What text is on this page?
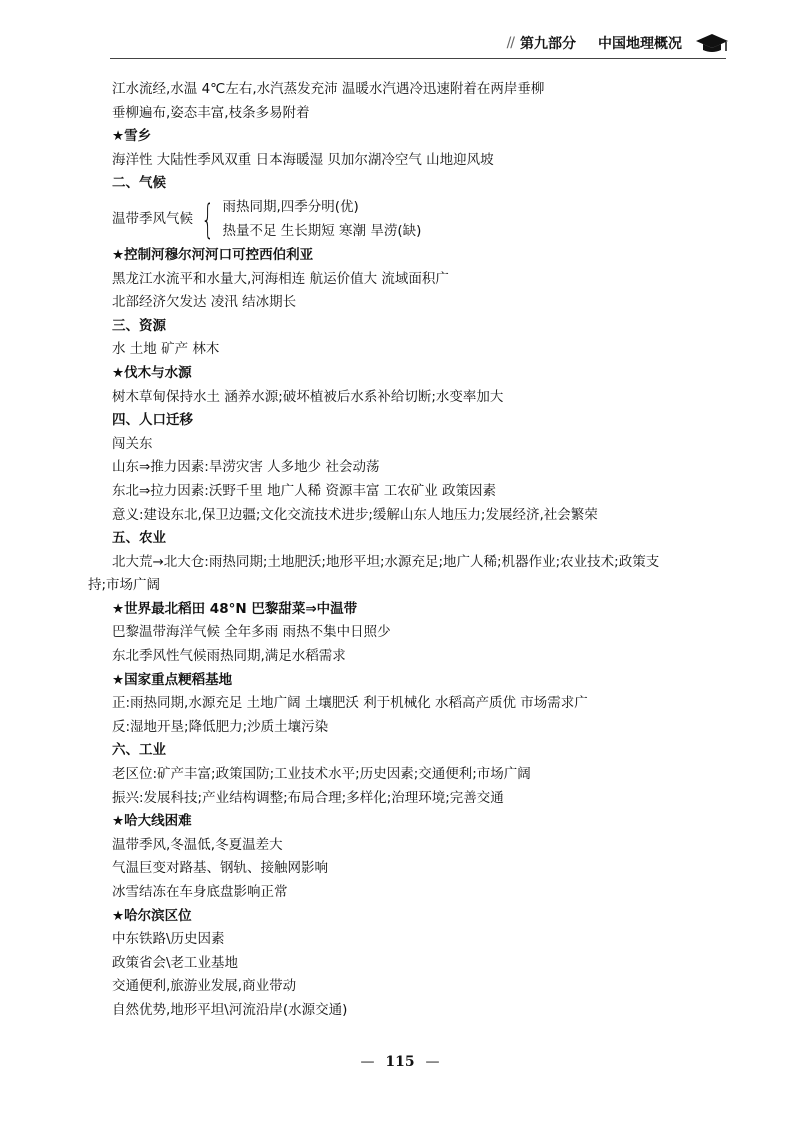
// 第九部分 中国地理概况
江水流经,水温 4℃左右,水汽蒸发充沛 温暖水汽遇冷迅速附着在两岸垂柳
垂柳遍布,姿态丰富,枝条多易附着
★雪乡
海洋性 大陆性季风双重 日本海暖湿 贝加尔湖冷空气 山地迎风坡
二、气候
温带季风气候 { 雨热同期,四季分明(优)
热量不足 生长期短 寒潮 旱涝(缺)
★控制河穆尔河河口可控西伯利亚
黑龙江水流平和水量大,河海相连 航运价值大 流域面积广
北部经济欠发达 凌汛 结冰期长
三、资源
水 土地 矿产 林木
★伐木与水源
树木草甸保持水土 涵养水源;破坏植被后水系补给切断;水变率加大
四、人口迁移
闯关东
山东⇒推力因素:旱涝灾害 人多地少 社会动荡
东北⇒拉力因素:沃野千里 地广人稀 资源丰富 工农矿业 政策因素
意义:建设东北,保卫边疆;文化交流技术进步;缓解山东人地压力;发展经济,社会繁荣
五、农业
北大荒→北大仓:雨热同期;土地肥沃;地形平坦;水源充足;地广人稀;机器作业;农业技术;政策支
持;市场广阔
★世界最北稻田 48°N 巴黎甜菜⇒中温带
巴黎温带海洋气候 全年多雨 雨热不集中日照少
东北季风性气候雨热同期,满足水稻需求
★国家重点粳稻基地
正:雨热同期,水源充足 土地广阔 土壤肥沃 利于机械化 水稻高产质优 市场需求广
反:湿地开垦;降低肥力;沙质土壤污染
六、工业
老区位:矿产丰富;政策国防;工业技术水平;历史因素;交通便利;市场广阔
振兴:发展科技;产业结构调整;布局合理;多样化;治理环境;完善交通
★哈大线困难
温带季风,冬温低,冬夏温差大
气温巨变对路基、钢轨、接触网影响
冰雪结冻在车身底盘影响正常
★哈尔滨区位
中东铁路\历史因素
政策省会\老工业基地
交通便利,旅游业发展,商业带动
自然优势,地形平坦\河流沿岸(水源交通)
— 115 —
